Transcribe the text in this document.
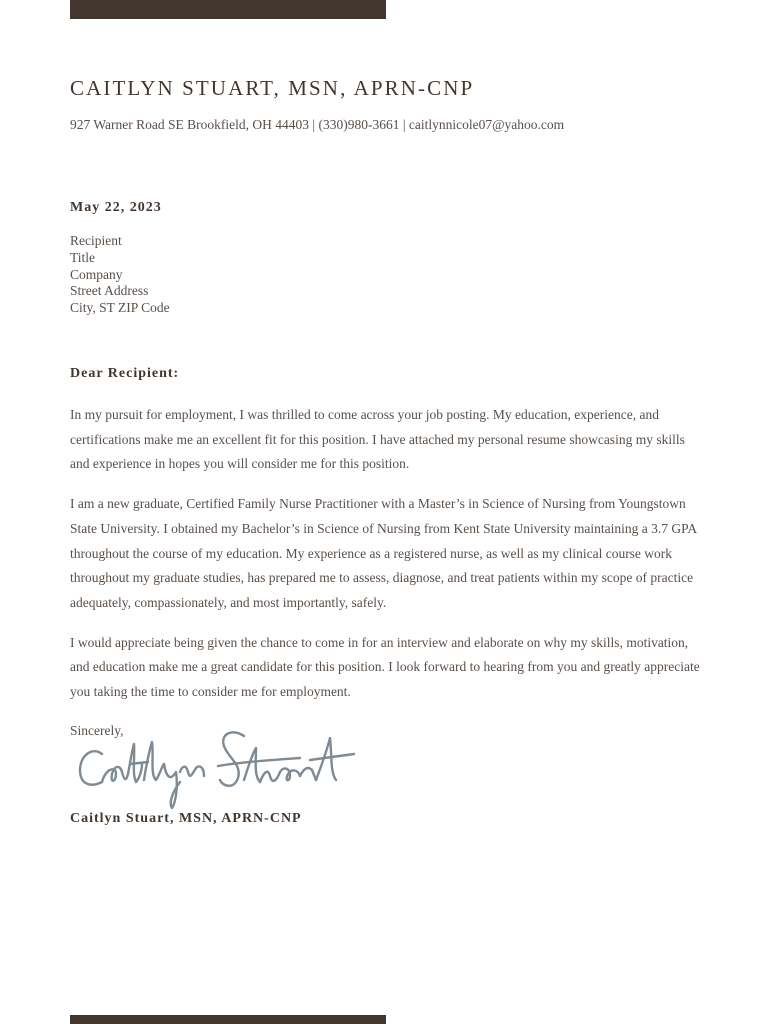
CAITLYN STUART, MSN, APRN-CNP
927 Warner Road SE Brookfield, OH 44403 | (330)980-3661 | caitlynnicole07@yahoo.com
May 22, 2023
Recipient
Title
Company
Street Address
City, ST ZIP Code
Dear Recipient:

In my pursuit for employment, I was thrilled to come across your job posting. My education, experience, and certifications make me an excellent fit for this position. I have attached my personal resume showcasing my skills and experience in hopes you will consider me for this position.

I am a new graduate, Certified Family Nurse Practitioner with a Master’s in Science of Nursing from Youngstown State University. I obtained my Bachelor’s in Science of Nursing from Kent State University maintaining a 3.7 GPA throughout the course of my education. My experience as a registered nurse, as well as my clinical course work throughout my graduate studies, has prepared me to assess, diagnose, and treat patients within my scope of practice adequately, compassionately, and most importantly, safely.

I would appreciate being given the chance to come in for an interview and elaborate on why my skills, motivation, and education make me a great candidate for this position. I look forward to hearing from you and greatly appreciate you taking the time to consider me for employment.

Sincerely,
Caitlyn Stuart, MSN, APRN-CNP
